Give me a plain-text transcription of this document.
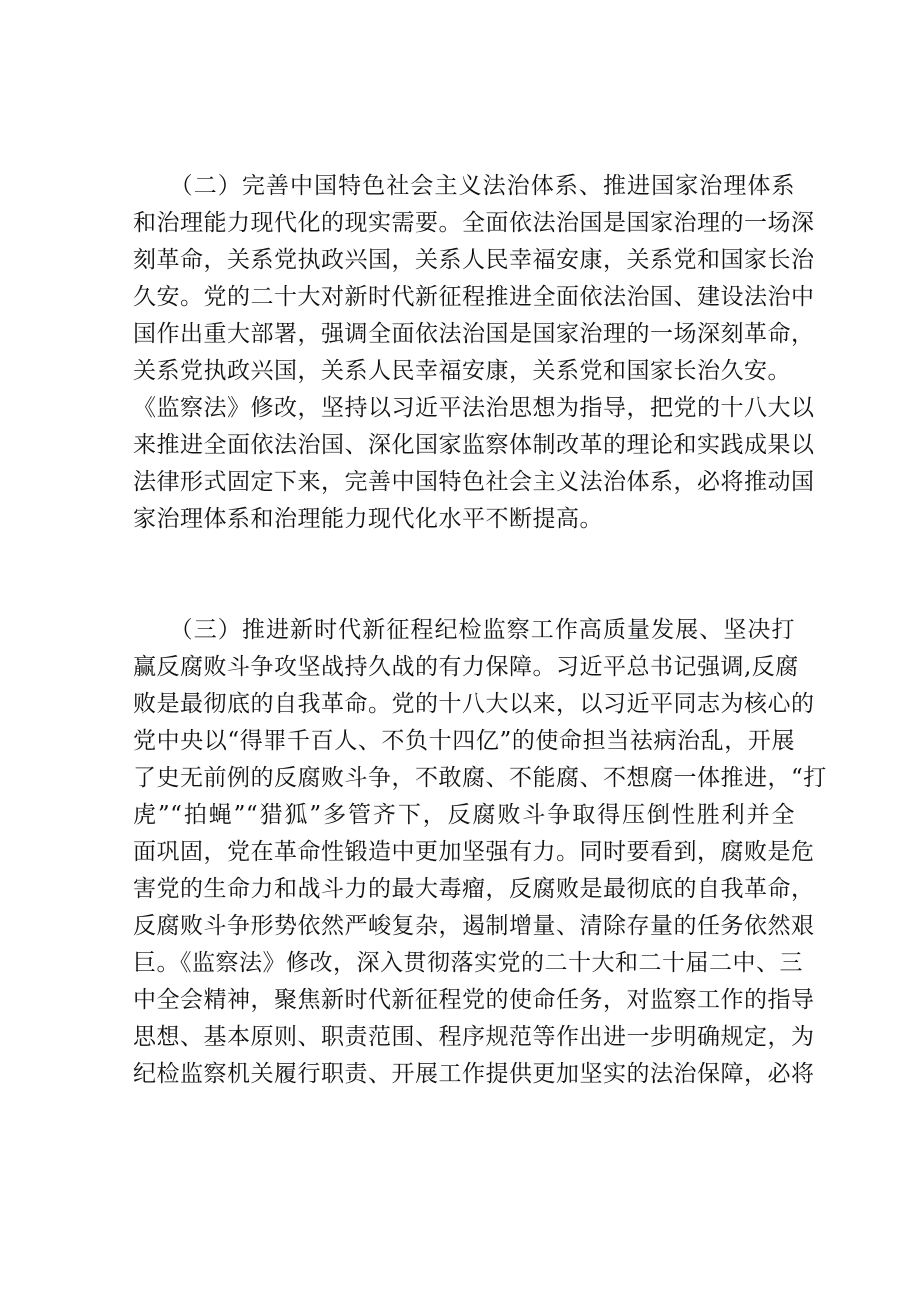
　　（二）完善中国特色社会主义法治体系、推进国家治理体系
和治理能力现代化的现实需要。全面依法治国是国家治理的一场深
刻革命，关系党执政兴国，关系人民幸福安康，关系党和国家长治
久安。党的二十大对新时代新征程推进全面依法治国、建设法治中
国作出重大部署，强调全面依法治国是国家治理的一场深刻革命，
关系党执政兴国，关系人民幸福安康，关系党和国家长治久安。
《监察法》修改，坚持以习近平法治思想为指导，把党的十八大以
来推进全面依法治国、深化国家监察体制改革的理论和实践成果以
法律形式固定下来，完善中国特色社会主义法治体系，必将推动国
家治理体系和治理能力现代化水平不断提高。
　　（三）推进新时代新征程纪检监察工作高质量发展、坚决打
赢反腐败斗争攻坚战持久战的有力保障。习近平总书记强调,反腐
败是最彻底的自我革命。党的十八大以来，以习近平同志为核心的
党中央以“得罪千百人、不负十四亿”的使命担当祛病治乱，开展
了史无前例的反腐败斗争，不敢腐、不能腐、不想腐一体推进，“打
虎”“拍蝇”“猎狐”多管齐下，反腐败斗争取得压倒性胜利并全
面巩固，党在革命性锻造中更加坚强有力。同时要看到，腐败是危
害党的生命力和战斗力的最大毒瘤，反腐败是最彻底的自我革命，
反腐败斗争形势依然严峻复杂，遏制增量、清除存量的任务依然艰
巨。《监察法》修改，深入贯彻落实党的二十大和二十届二中、三
中全会精神，聚焦新时代新征程党的使命任务，对监察工作的指导
思想、基本原则、职责范围、程序规范等作出进一步明确规定，为
纪检监察机关履行职责、开展工作提供更加坚实的法治保障，必将
